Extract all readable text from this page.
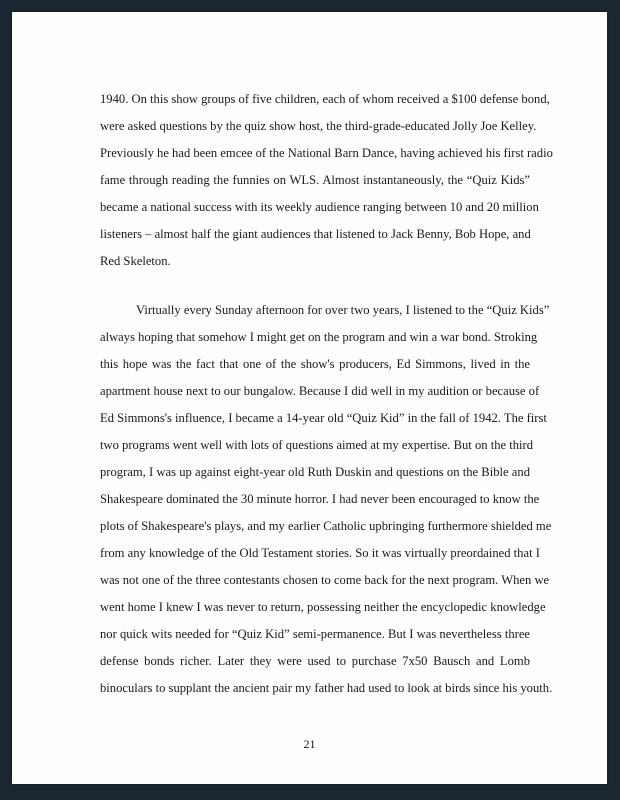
1940. On this show groups of five children, each of whom received a $100 defense bond,
were asked questions by the quiz show host, the third-grade-educated Jolly Joe Kelley.
Previously he had been emcee of the National Barn Dance, having achieved his first radio
fame through reading the funnies on WLS. Almost instantaneously, the “Quiz Kids”
became a national success with its weekly audience ranging between 10 and 20 million
listeners – almost half the giant audiences that listened to Jack Benny, Bob Hope, and
Red Skeleton.
Virtually every Sunday afternoon for over two years, I listened to the “Quiz Kids”
always hoping that somehow I might get on the program and win a war bond. Stroking
this hope was the fact that one of the show's producers, Ed Simmons, lived in the
apartment house next to our bungalow. Because I did well in my audition or because of
Ed Simmons's influence, I became a 14-year old “Quiz Kid” in the fall of 1942. The first
two programs went well with lots of questions aimed at my expertise. But on the third
program, I was up against eight-year old Ruth Duskin and questions on the Bible and
Shakespeare dominated the 30 minute horror. I had never been encouraged to know the
plots of Shakespeare's plays, and my earlier Catholic upbringing furthermore shielded me
from any knowledge of the Old Testament stories. So it was virtually preordained that I
was not one of the three contestants chosen to come back for the next program. When we
went home I knew I was never to return, possessing neither the encyclopedic knowledge
nor quick wits needed for “Quiz Kid” semi-permanence. But I was nevertheless three
defense bonds richer. Later they were used to purchase 7x50 Bausch and Lomb
binoculars to supplant the ancient pair my father had used to look at birds since his youth.
21
